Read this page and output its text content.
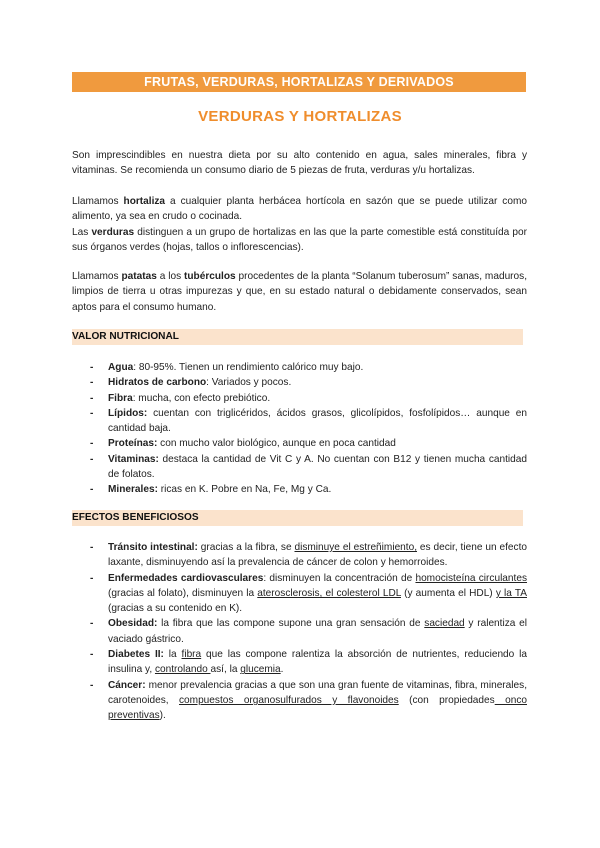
FRUTAS, VERDURAS, HORTALIZAS Y DERIVADOS
VERDURAS Y HORTALIZAS

Son imprescindibles en nuestra dieta por su alto contenido en agua, sales minerales, fibra y vitaminas. Se recomienda un consumo diario de 5 piezas de fruta, verduras y/u hortalizas.

Llamamos hortaliza a cualquier planta herbácea hortícola en sazón que se puede utilizar como alimento, ya sea en crudo o cocinada.
Las verduras distinguen a un grupo de hortalizas en las que la parte comestible está constituída por sus órganos verdes (hojas, tallos o inflorescencias).

Llamamos patatas a los tubérculos procedentes de la planta “Solanum tuberosum” sanas, maduros, limpios de tierra u otras impurezas y que, en su estado natural o debidamente conservados, sean aptos para el consumo humano.

VALOR NUTRICIONAL
- Agua: 80-95%. Tienen un rendimiento calórico muy bajo.
- Hidratos de carbono: Variados y pocos.
- Fibra: mucha, con efecto prebiótico.
- Lípidos: cuentan con triglicéridos, ácidos grasos, glicolípidos, fosfolípidos… aunque en cantidad baja.
- Proteínas: con mucho valor biológico, aunque en poca cantidad
- Vitaminas: destaca la cantidad de Vit C y A. No cuentan con B12 y tienen mucha cantidad de folatos.
- Minerales: ricas en K. Pobre en Na, Fe, Mg y Ca.
EFECTOS BENEFICIOSOS
- Tránsito intestinal: gracias a la fibra, se disminuye el estreñimiento, es decir, tiene un efecto laxante, disminuyendo así la prevalencia de cáncer de colon y hemorroides.
- Enfermedades cardiovasculares: disminuyen la concentración de homocisteína circulantes (gracias al folato), disminuyen la aterosclerosis, el colesterol LDL (y aumenta el HDL) y la TA (gracias a su contenido en K).
- Obesidad: la fibra que las compone supone una gran sensación de saciedad y ralentiza el vaciado gástrico.
- Diabetes II: la fibra que las compone ralentiza la absorción de nutrientes, reduciendo la insulina y, controlando así, la glucemia.
- Cáncer: menor prevalencia gracias a que son una gran fuente de vitaminas, fibra, minerales, carotenoides, compuestos organosulfurados y flavonoides (con propiedades onco preventivas).
